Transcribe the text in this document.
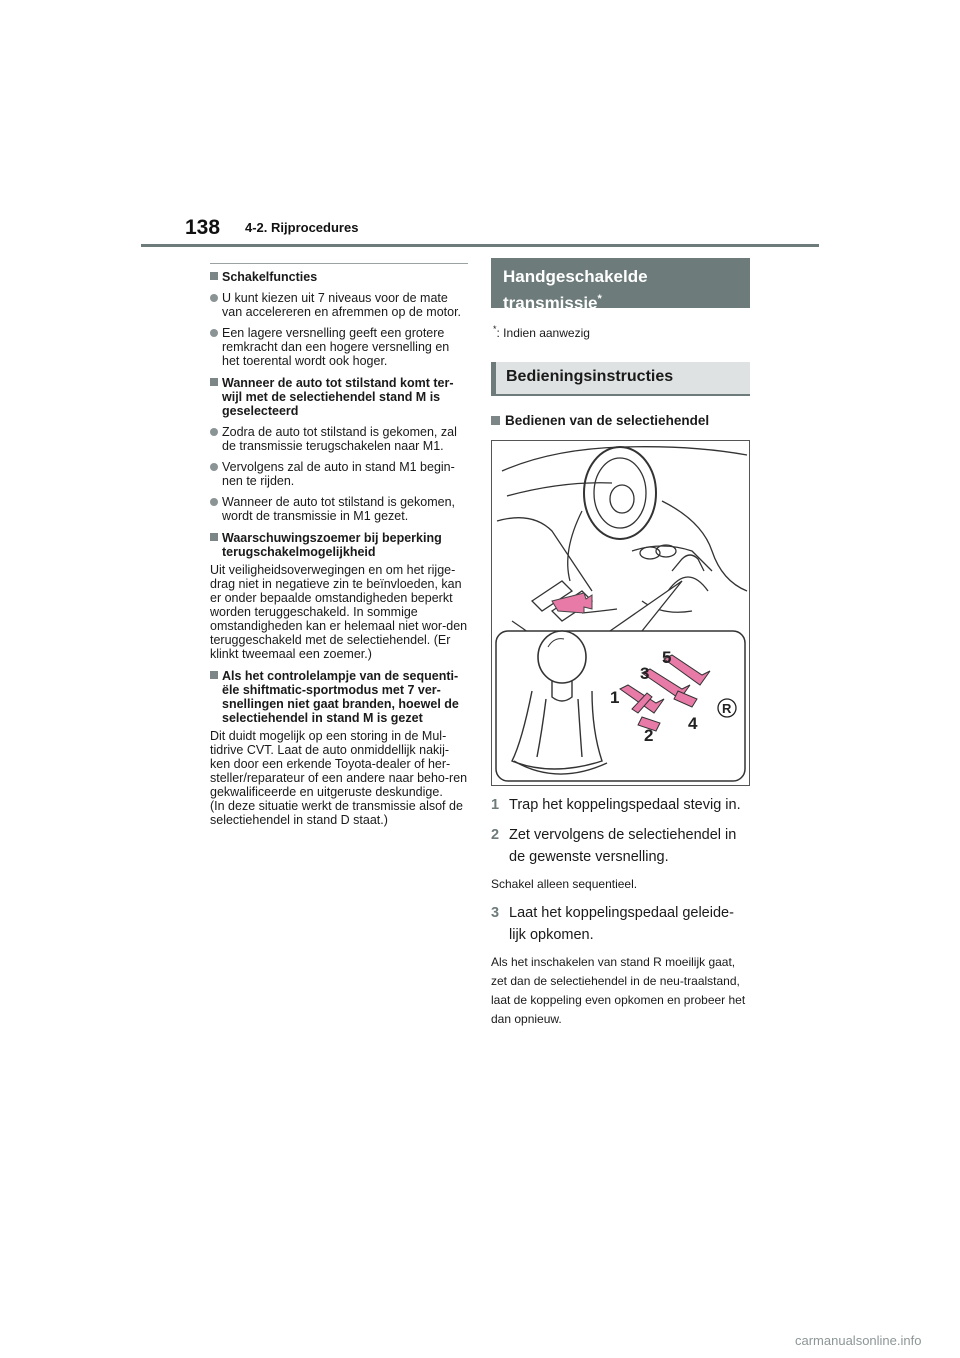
138 4-2. Rijprocedures
Schakelfuncties
U kunt kiezen uit 7 niveaus voor de mate van accelereren en afremmen op de motor.
Een lagere versnelling geeft een grotere remkracht dan een hogere versnelling en het toerental wordt ook hoger.
Wanneer de auto tot stilstand komt ter-wijl met de selectiehendel stand M is geselecteerd
Zodra de auto tot stilstand is gekomen, zal de transmissie terugschakelen naar M1.
Vervolgens zal de auto in stand M1 begin-nen te rijden.
Wanneer de auto tot stilstand is gekomen, wordt de transmissie in M1 gezet.
Waarschuwingszoemer bij beperking terugschakelmogelijkheid
Uit veiligheidsoverwegingen en om het rijge-drag niet in negatieve zin te beïnvloeden, kan er onder bepaalde omstandigheden beperkt worden teruggeschakeld. In sommige omstandigheden kan er helemaal niet wor-den teruggeschakeld met de selectiehendel. (Er klinkt tweemaal een zoemer.)
Als het controlelampje van de sequenti-ële shiftmatic-sportmodus met 7 ver-snellingen niet gaat branden, hoewel de selectiehendel in stand M is gezet
Dit duidt mogelijk op een storing in de Mul-tidrive CVT. Laat de auto onmiddellijk nakij-ken door een erkende Toyota-dealer of her-steller/reparateur of een andere naar beho-ren gekwalificeerde en uitgeruste deskundige.
(In deze situatie werkt de transmissie alsof de selectiehendel in stand D staat.)
Handgeschakelde transmissie*
*: Indien aanwezig
Bedieningsinstructies
Bedienen van de selectiehendel
1
3
5
2
4
R
1 Trap het koppelingspedaal stevig in.
2 Zet vervolgens de selectiehendel in de gewenste versnelling.
Schakel alleen sequentieel.
3 Laat het koppelingspedaal geleide-lijk opkomen.
Als het inschakelen van stand R moeilijk gaat, zet dan de selectiehendel in de neu-traalstand, laat de koppeling even opkomen en probeer het dan opnieuw.
carmanualsonline.info
